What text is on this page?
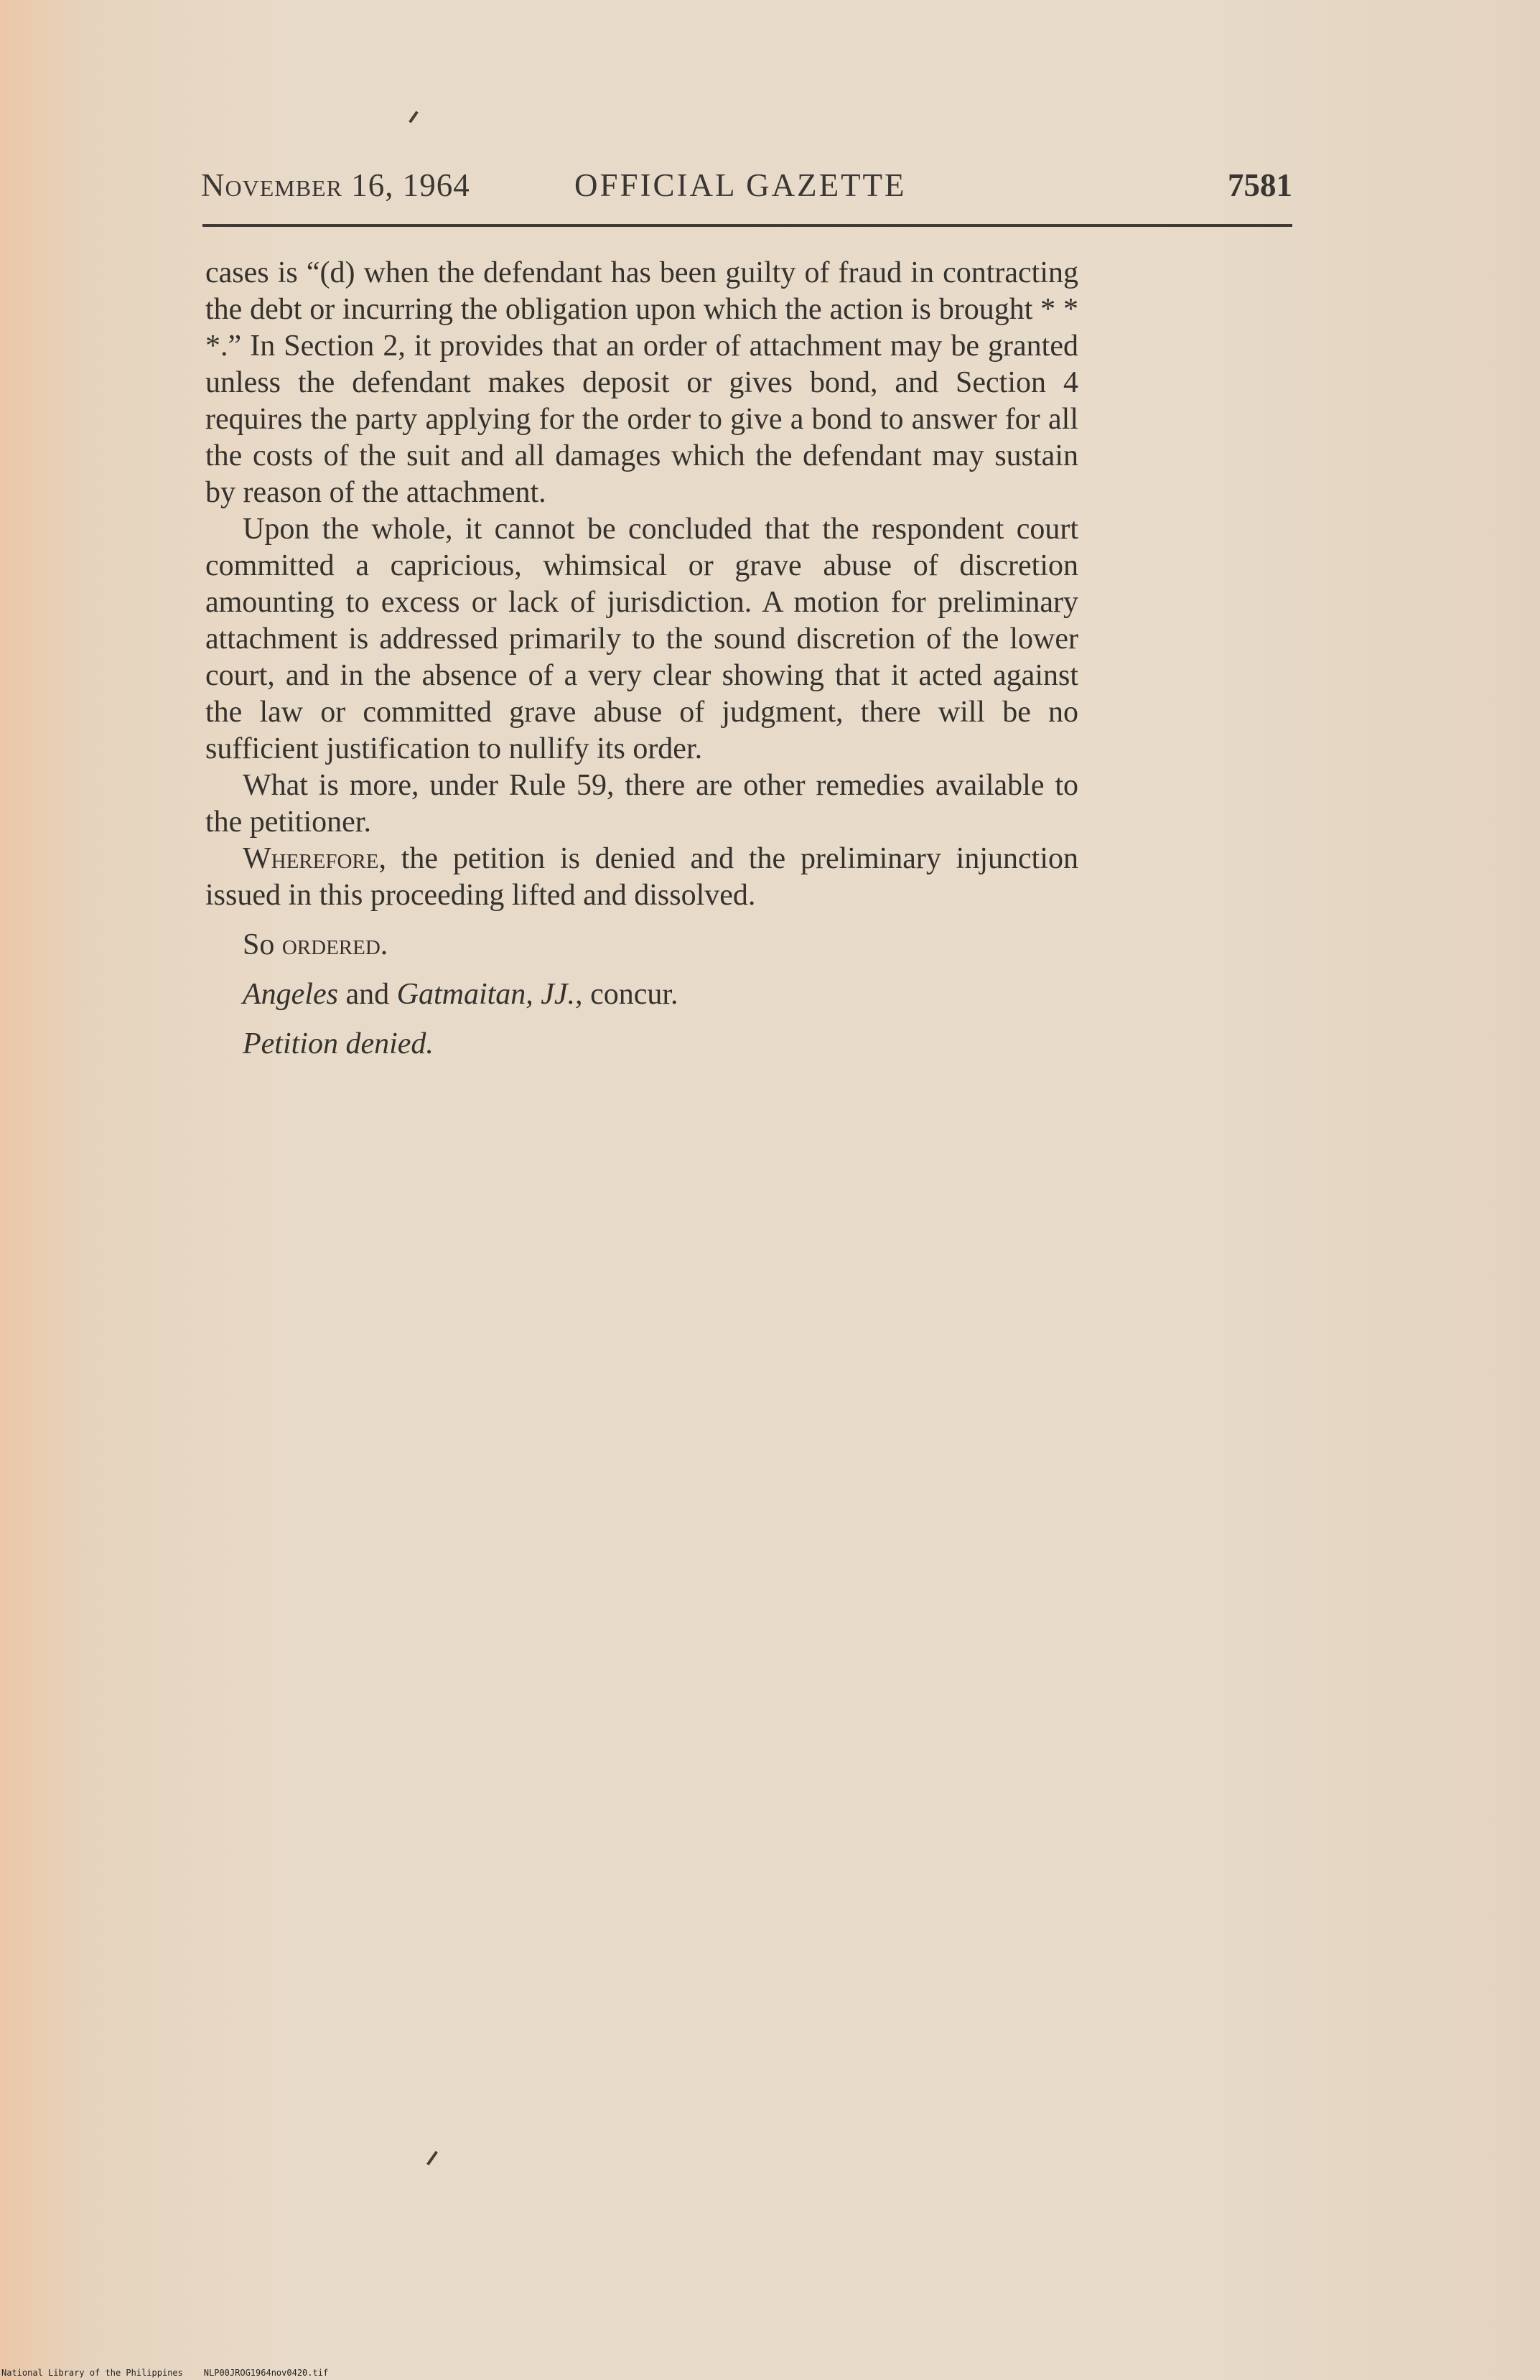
November 16, 1964	OFFICIAL GAZETTE	7581

cases is “(d) when the defendant has been guilty of fraud in contracting the debt or incurring the obligation upon which the action is brought * * *.” In Section 2, it provides that an order of attachment may be granted unless the defendant makes deposit or gives bond, and Section 4 requires the party applying for the order to give a bond to answer for all the costs of the suit and all damages which the defendant may sustain by reason of the attachment.

Upon the whole, it cannot be concluded that the respondent court committed a capricious, whimsical or grave abuse of discretion amounting to excess or lack of jurisdiction. A motion for preliminary attachment is addressed primarily to the sound discretion of the lower court, and in the absence of a very clear showing that it acted against the law or committed grave abuse of judgment, there will be no sufficient justification to nullify its order.

What is more, under Rule 59, there are other remedies available to the petitioner.

Wherefore, the petition is denied and the preliminary injunction issued in this proceeding lifted and dissolved.

So ordered.

Angeles and Gatmaitan, JJ., concur.

Petition denied.

National Library of the Philippines NLP00JROG1964nov0420.tif
